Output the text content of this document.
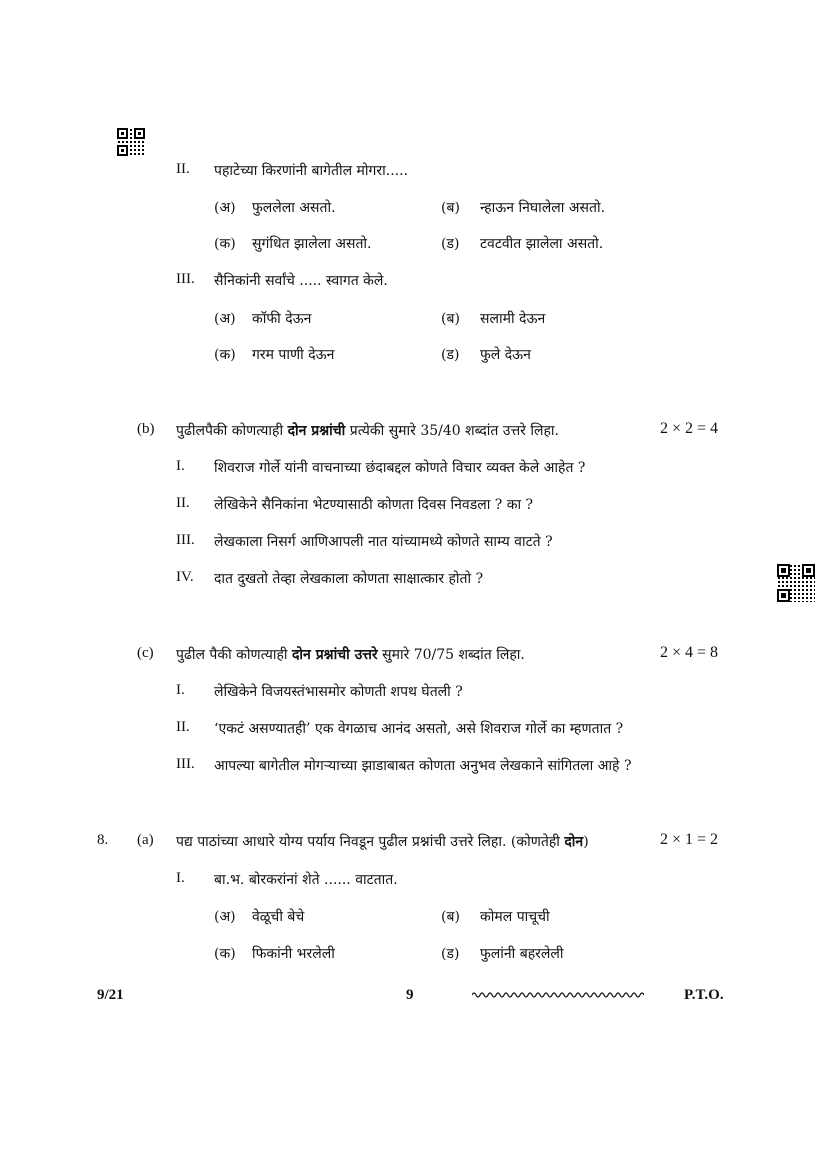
II. पहाटेच्या किरणांनी बागेतील मोगरा.....
(अ) फुललेला असतो.	(ब) न्हाऊन निघालेला असतो.
(क) सुगंधित झालेला असतो.	(ड) टवटवीत झालेला असतो.
III. सैनिकांनी सर्वांचे ..... स्वागत केले.
(अ) कॉफी देऊन	(ब) सलामी देऊन
(क) गरम पाणी देऊन	(ड) फुले देऊन
(b) पुढीलपैकी कोणत्याही दोन प्रश्नांची प्रत्येकी सुमारे 35/40 शब्दांत उत्तरे लिहा.	2 × 2 = 4
I. शिवराज गोर्ले यांनी वाचनाच्या छंदाबद्दल कोणते विचार व्यक्त केले आहेत ?
II. लेखिकेने सैनिकांना भेटण्यासाठी कोणता दिवस निवडला ? का ?
III. लेखकाला निसर्ग आणिआपली नात यांच्यामध्ये कोणते साम्य वाटते ?
IV. दात दुखतो तेव्हा लेखकाला कोणता साक्षात्कार होतो ?
(c) पुढील पैकी कोणत्याही दोन प्रश्नांची उत्तरे सुमारे 70/75 शब्दांत लिहा.	2 × 4 = 8
I. लेखिकेने विजयस्तंभासमोर कोणती शपथ घेतली ?
II. ‘एकटं असण्यातही’ एक वेगळाच आनंद असतो, असे शिवराज गोर्ले का म्हणतात ?
III. आपल्या बागेतील मोगऱ्याच्या झाडाबाबत कोणता अनुभव लेखकाने सांगितला आहे ?
8. (a) पद्य पाठांच्या आधारे योग्य पर्याय निवडून पुढील प्रश्नांची उत्तरे लिहा. (कोणतेही दोन)	2 × 1 = 2
I. बा.भ. बोरकरांनां शेते ...... वाटतात.
(अ) वेळूची बेचे	(ब) कोमल पाचूची
(क) फिकांनी भरलेली	(ड) फुलांनी बहरलेली
9/21	9	P.T.O.
